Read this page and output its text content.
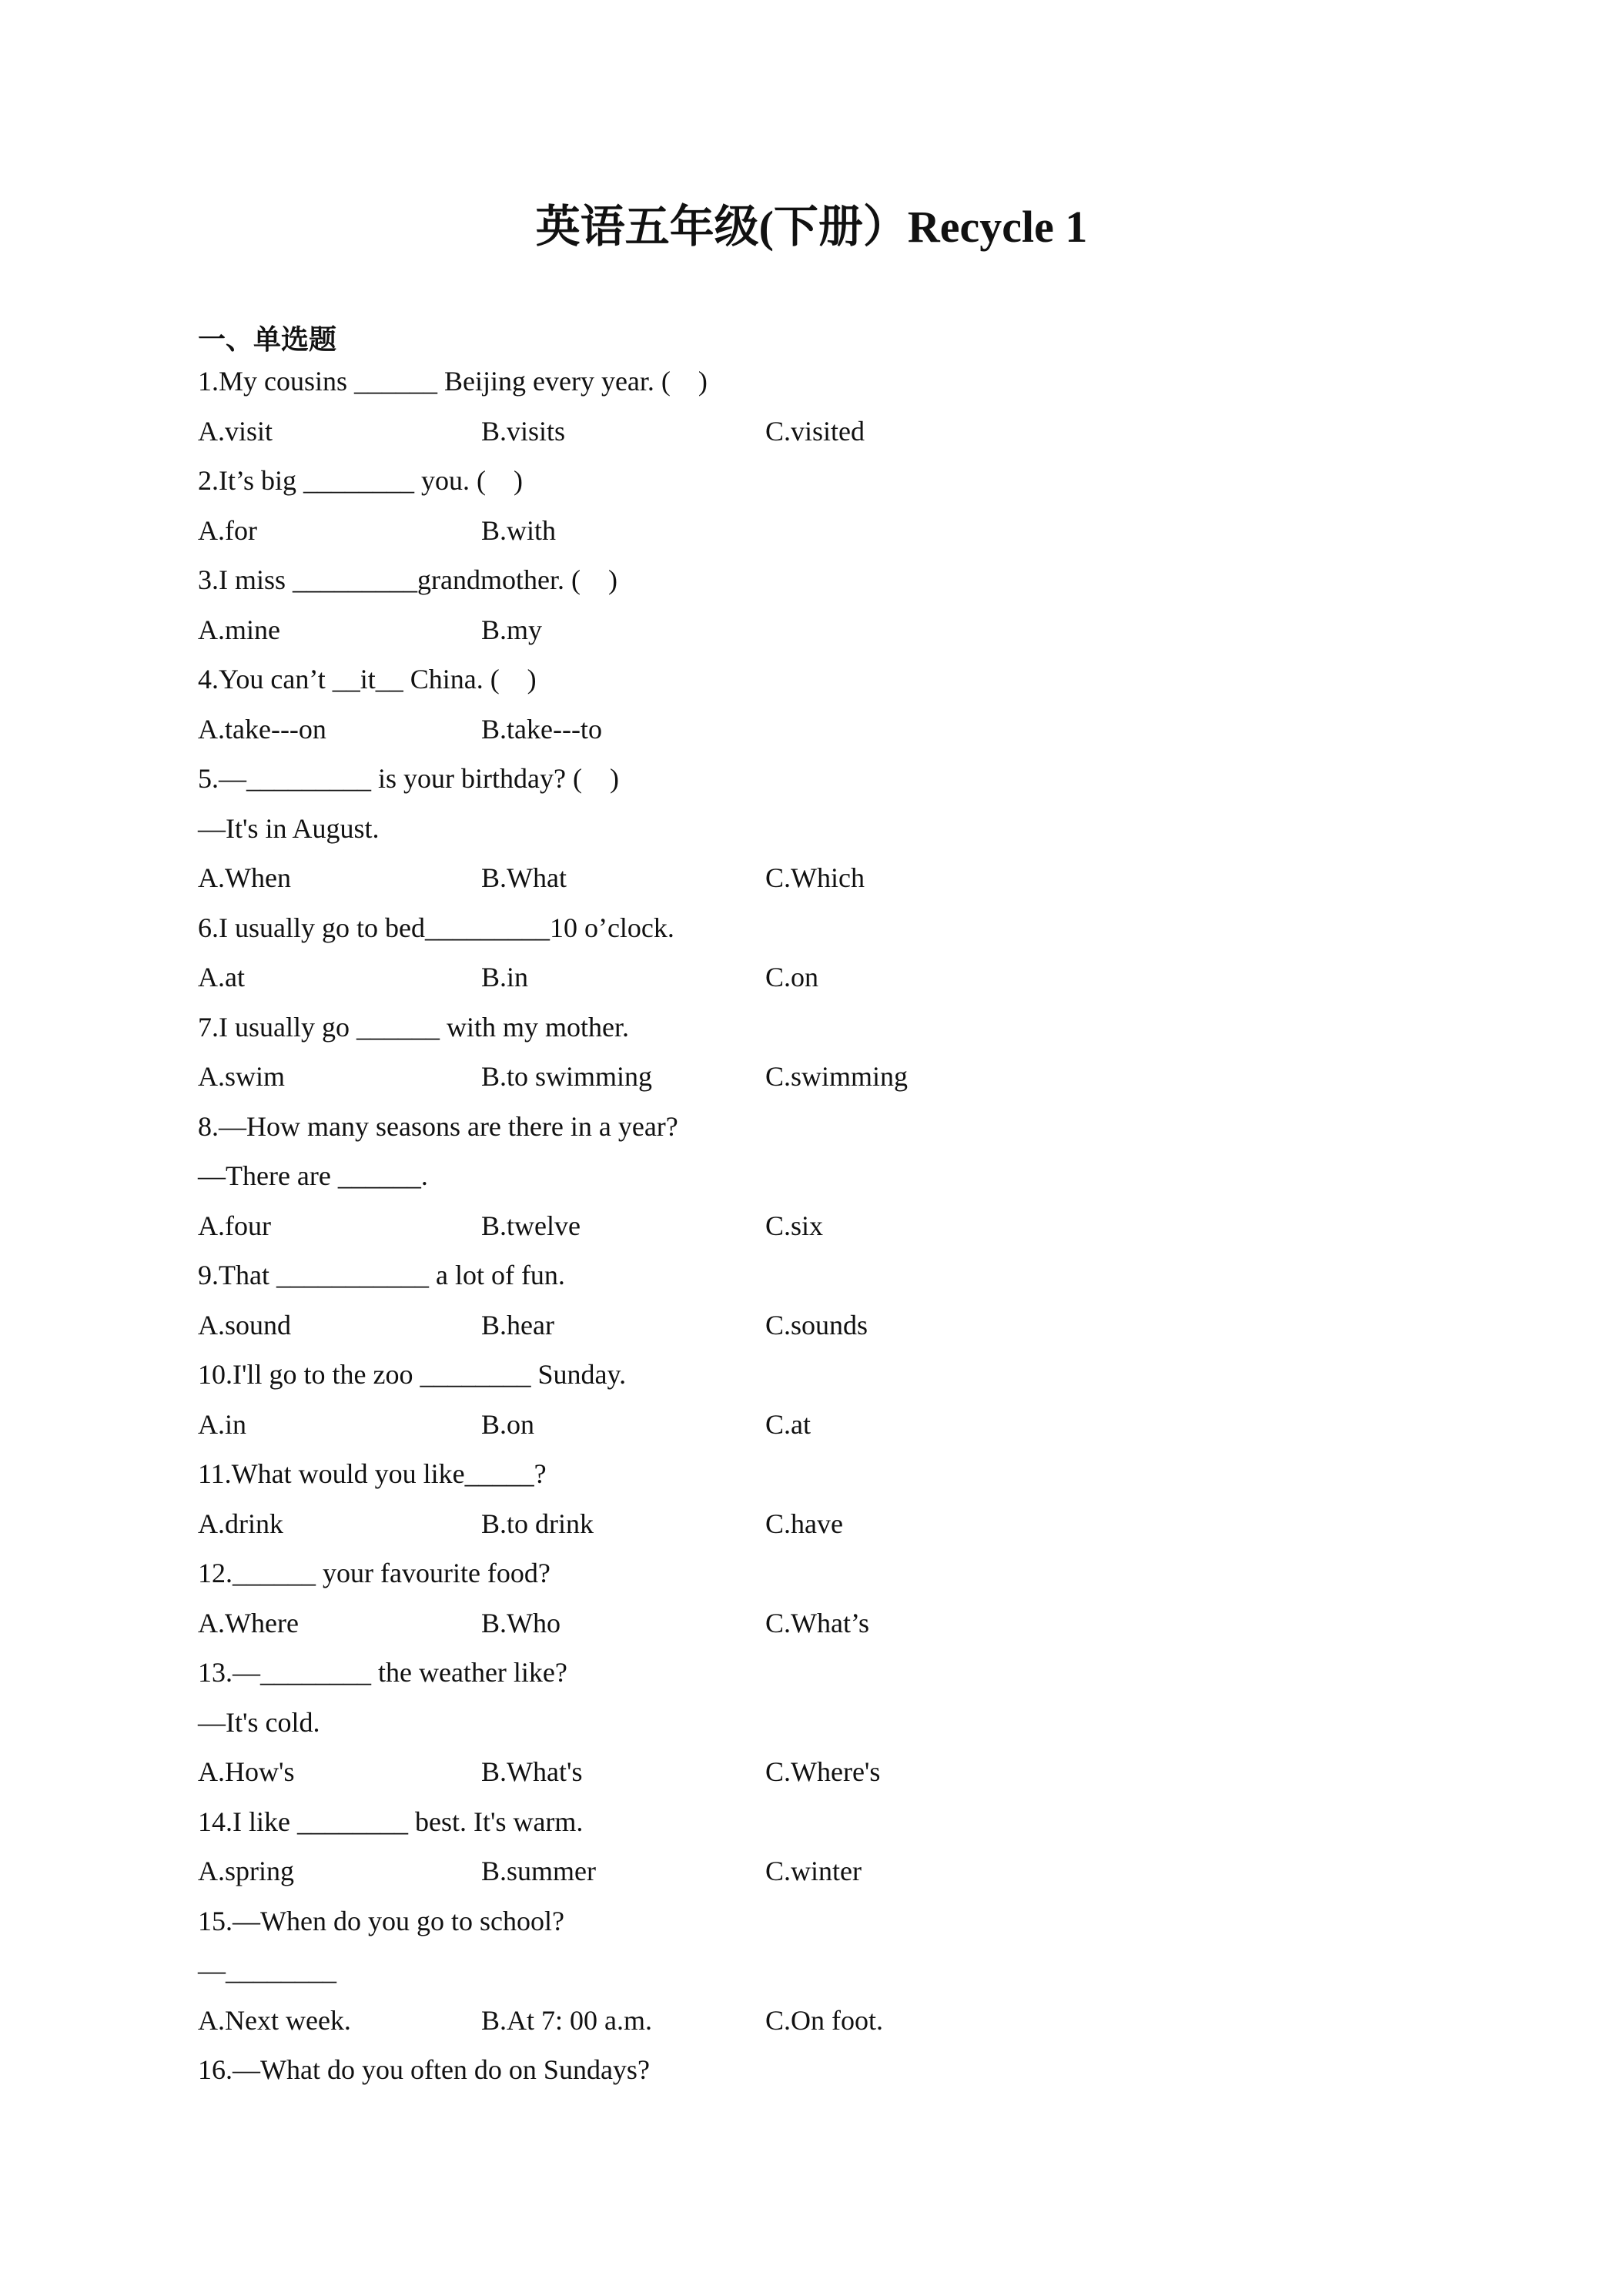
英语五年级(下册）Recycle 1
一、单选题
1.My cousins ______ Beijing every year. (    )
A.visit	B.visits	C.visited
2.It’s big ________ you. (    )
A.for	B.with
3.I miss _________grandmother. (    )
A.mine	B.my
4.You can’t __it__ China. (    )
A.take---on	B.take---to
5.—_________ is your birthday? (    )
—It's in August.
A.When	B.What	C.Which
6.I usually go to bed_________10 o’clock.
A.at	B.in	C.on
7.I usually go ______ with my mother.
A.swim	B.to swimming	C.swimming
8.—How many seasons are there in a year?
—There are ______.
A.four	B.twelve	C.six
9.That ___________ a lot of fun.
A.sound	B.hear	C.sounds
10.I'll go to the zoo ________ Sunday.
A.in	B.on	C.at
11.What would you like_____?
A.drink	B.to drink	C.have
12.______ your favourite food?
A.Where	B.Who	C.What’s
13.—________ the weather like?
—It's cold.
A.How's	B.What's	C.Where's
14.I like ________ best. It's warm.
A.spring	B.summer	C.winter
15.—When do you go to school?
—________
A.Next week.	B.At 7: 00 a.m.	C.On foot.
16.—What do you often do on Sundays?
